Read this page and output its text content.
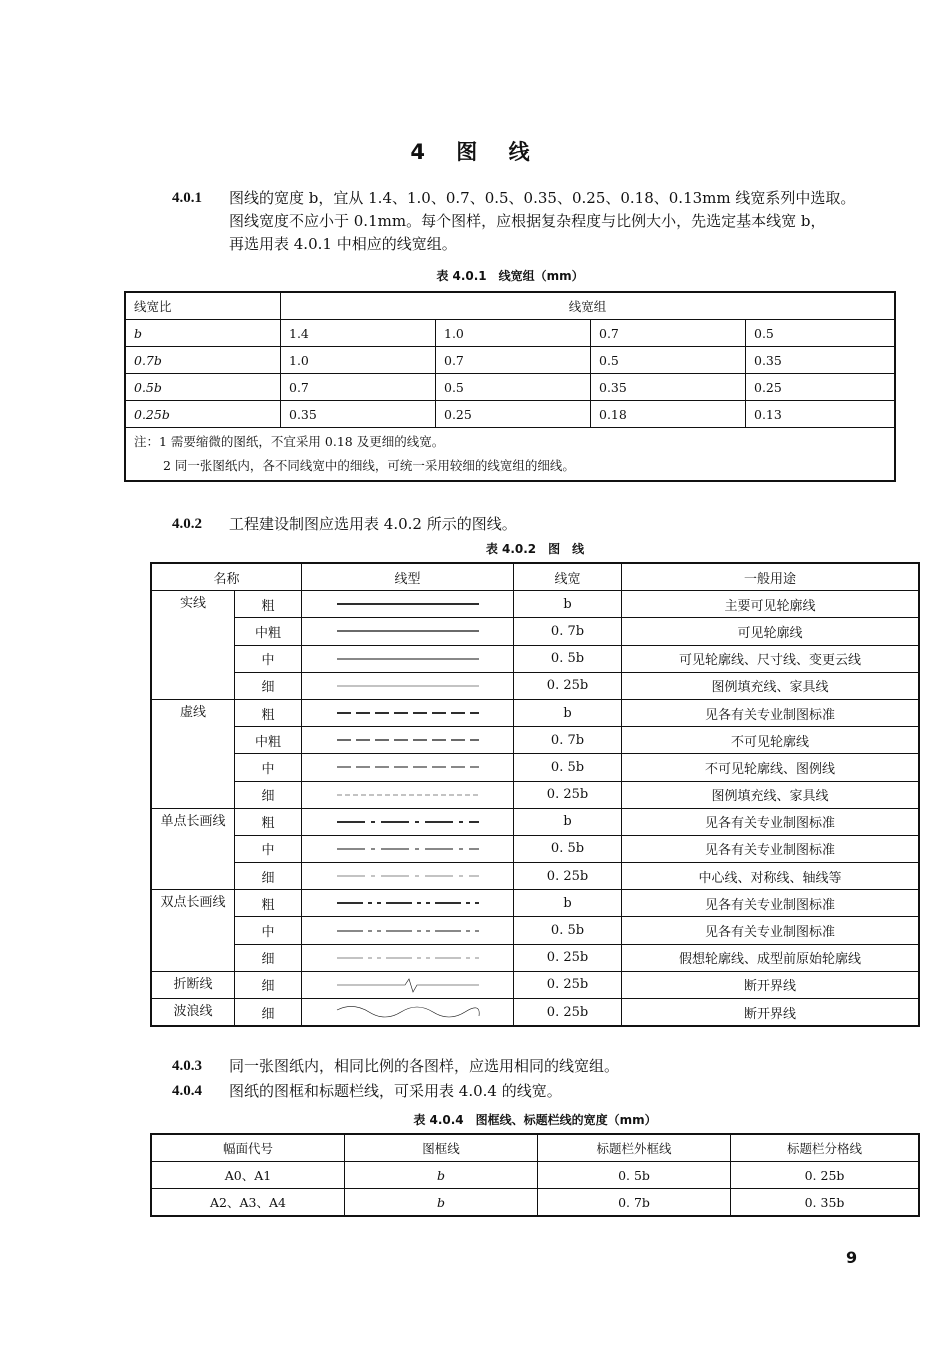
4 图 线
4.0.1 图线的宽度 b，宜从 1.4、1.0、0.7、0.5、0.35、0.25、0.18、0.13mm 线宽系列中选取。
图线宽度不应小于 0.1mm。每个图样，应根据复杂程度与比例大小，先选定基本线宽 b，
再选用表 4.0.1 中相应的线宽组。
表 4.0.1　线宽组（mm）
线宽比	线宽组			
b	1.4	1.0	0.7	0.5
0.7b	1.0	0.7	0.5	0.35
0.5b	0.7	0.5	0.35	0.25
0.25b	0.35	0.25	0.18	0.13

注：1 需要缩微的图纸，不宜采用 0.18 及更细的线宽。
2 同一张图纸内，各不同线宽中的细线，可统一采用较细的线宽组的细线。				
4.0.2 工程建设制图应选用表 4.0.2 所示的图线。
表 4.0.2　图　线
名称		线型	线宽	一般用途
实线	粗		b	主要可见轮廓线
	中粗		0. 7b	可见轮廓线
	中		0. 5b	可见轮廓线、尺寸线、变更云线
	细		0. 25b	图例填充线、家具线
虚线	粗		b	见各有关专业制图标准
	中粗		0. 7b	不可见轮廓线
	中		0. 5b	不可见轮廓线、图例线
	细		0. 25b	图例填充线、家具线
单点长画线	粗		b	见各有关专业制图标准
	中		0. 5b	见各有关专业制图标准
	细		0. 25b	中心线、对称线、轴线等
双点长画线	粗		b	见各有关专业制图标准
	中		0. 5b	见各有关专业制图标准
	细		0. 25b	假想轮廓线、成型前原始轮廓线
折断线	细		0. 25b	断开界线
波浪线	细		0. 25b	断开界线
4.0.3 同一张图纸内，相同比例的各图样，应选用相同的线宽组。
4.0.4 图纸的图框和标题栏线，可采用表 4.0.4 的线宽。
表 4.0.4　图框线、标题栏线的宽度（mm）
幅面代号	图框线	标题栏外框线	标题栏分格线
A0、A1	b	0. 5b	0. 25b
A2、A3、A4	b	0. 7b	0. 35b
9
